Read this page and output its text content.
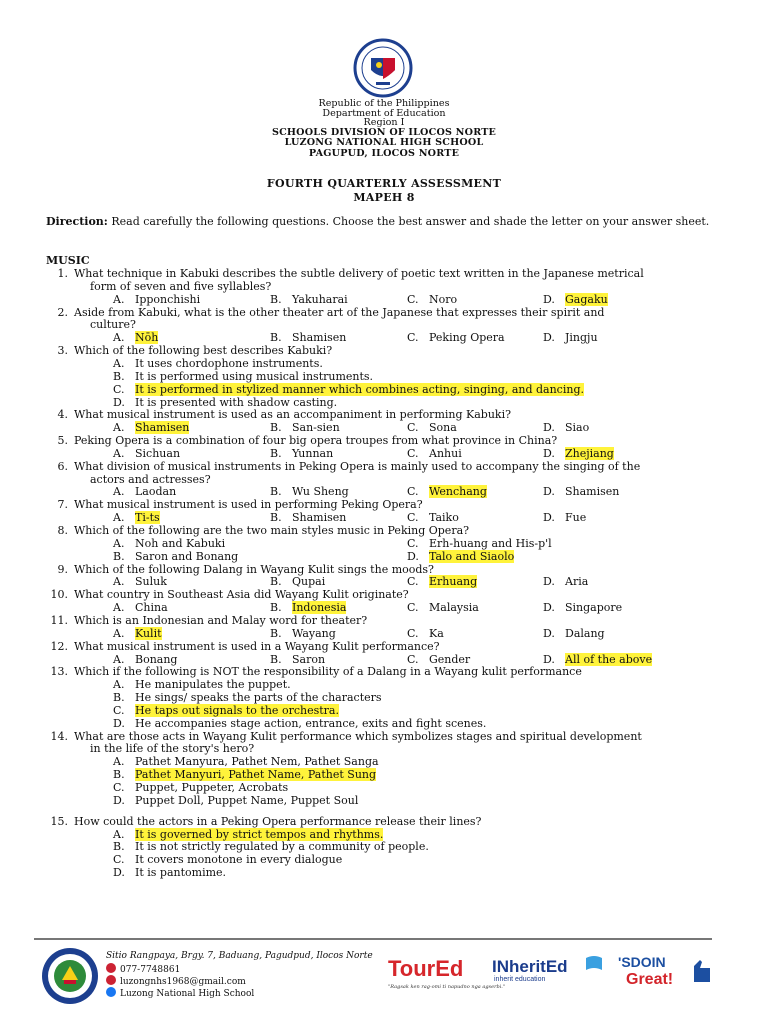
Republic of the Philippines

Department of Education

Region I

SCHOOLS DIVISION OF ILOCOS NORTE

LUZONG NATIONAL HIGH SCHOOL

PAGUPUD, ILOCOS NORTE

FOURTH QUARTERLY ASSESSMENT

MAPEH 8

Direction: Read carefully the following questions. Choose the best answer and shade the letter on your answer sheet.

MUSIC
1. What technique in Kabuki describes the subtle delivery of poetic text written in the Japanese metrical
form of seven and five syllables?
A. Ipponchishi	B. Yakuharai	C. Noro	D. Gagaku
2. Aside from Kabuki, what is the other theater art of the Japanese that expresses their spirit and
culture?
A. Nōh	B. Shamisen	C. Peking Opera	D. Jingju
3. Which of the following best describes Kabuki?
A. It uses chordophone instruments.
B. It is performed using musical instruments.
C. It is performed in stylized manner which combines acting, singing, and dancing.
D. It is presented with shadow casting.
4. What musical instrument is used as an accompaniment in performing Kabuki?
A. Shamisen	B. San-sien	C. Sona	D. Siao
5. Peking Opera is a combination of four big opera troupes from what province in China?
A. Sichuan	B. Yunnan	C. Anhui	D. Zhejiang
6. What division of musical instruments in Peking Opera is mainly used to accompany the singing of the
actors and actresses?
A. Laodan	B. Wu Sheng	C. Wenchang	D. Shamisen
7. What musical instrument is used in performing Peking Opera?
A. Ti-ts	B. Shamisen	C. Taiko	D. Fue
8. Which of the following are the two main styles music in Peking Opera?
A. Noh and Kabuki	C. Erh-huang and His-p'l
B. Saron and Bonang	D. Talo and Siaolo
9. Which of the following Dalang in Wayang Kulit sings the moods?
A. Suluk	B. Qupai	C. Erhuang	D. Aria
10. What country in Southeast Asia did Wayang Kulit originate?
A. China	B. Indonesia	C. Malaysia	D. Singapore
11. Which is an Indonesian and Malay word for theater?
A. Kulit	B. Wayang	C. Ka	D. Dalang
12. What musical instrument is used in a Wayang Kulit performance?
A. Bonang	B. Saron	C. Gender	D. All of the above
13. Which if the following is NOT the responsibility of a Dalang in a Wayang kulit performance
A. He manipulates the puppet.
B. He sings/ speaks the parts of the characters
C. He taps out signals to the orchestra.
D. He accompanies stage action, entrance, exits and fight scenes.
14. What are those acts in Wayang Kulit performance which symbolizes stages and spiritual development
in the life of the story's hero?
A. Pathet Manyura, Pathet Nem, Pathet Sanga
B. Pathet Manyuri, Pathet Name, Pathet Sung
C. Puppet, Puppeter, Acrobats
D. Puppet Doll, Puppet Name, Puppet Soul
15. How could the actors in a Peking Opera performance release their lines?
A. It is governed by strict tempos and rhythms.
B. It is not strictly regulated by a community of people.
C. It covers monotone in every dialogue
D. It is pantomime.
Sitio Rangpaya, Brgy. 7, Baduang, Pagudpud, Ilocos Norte
077-7748861
luzongnhs1968@gmail.com
Luzong National High School
TourEd
"Ragsak ken rag-omi ti napudno nga agserbi."
INheritEd
inherit education
'SDOIN
Great!
